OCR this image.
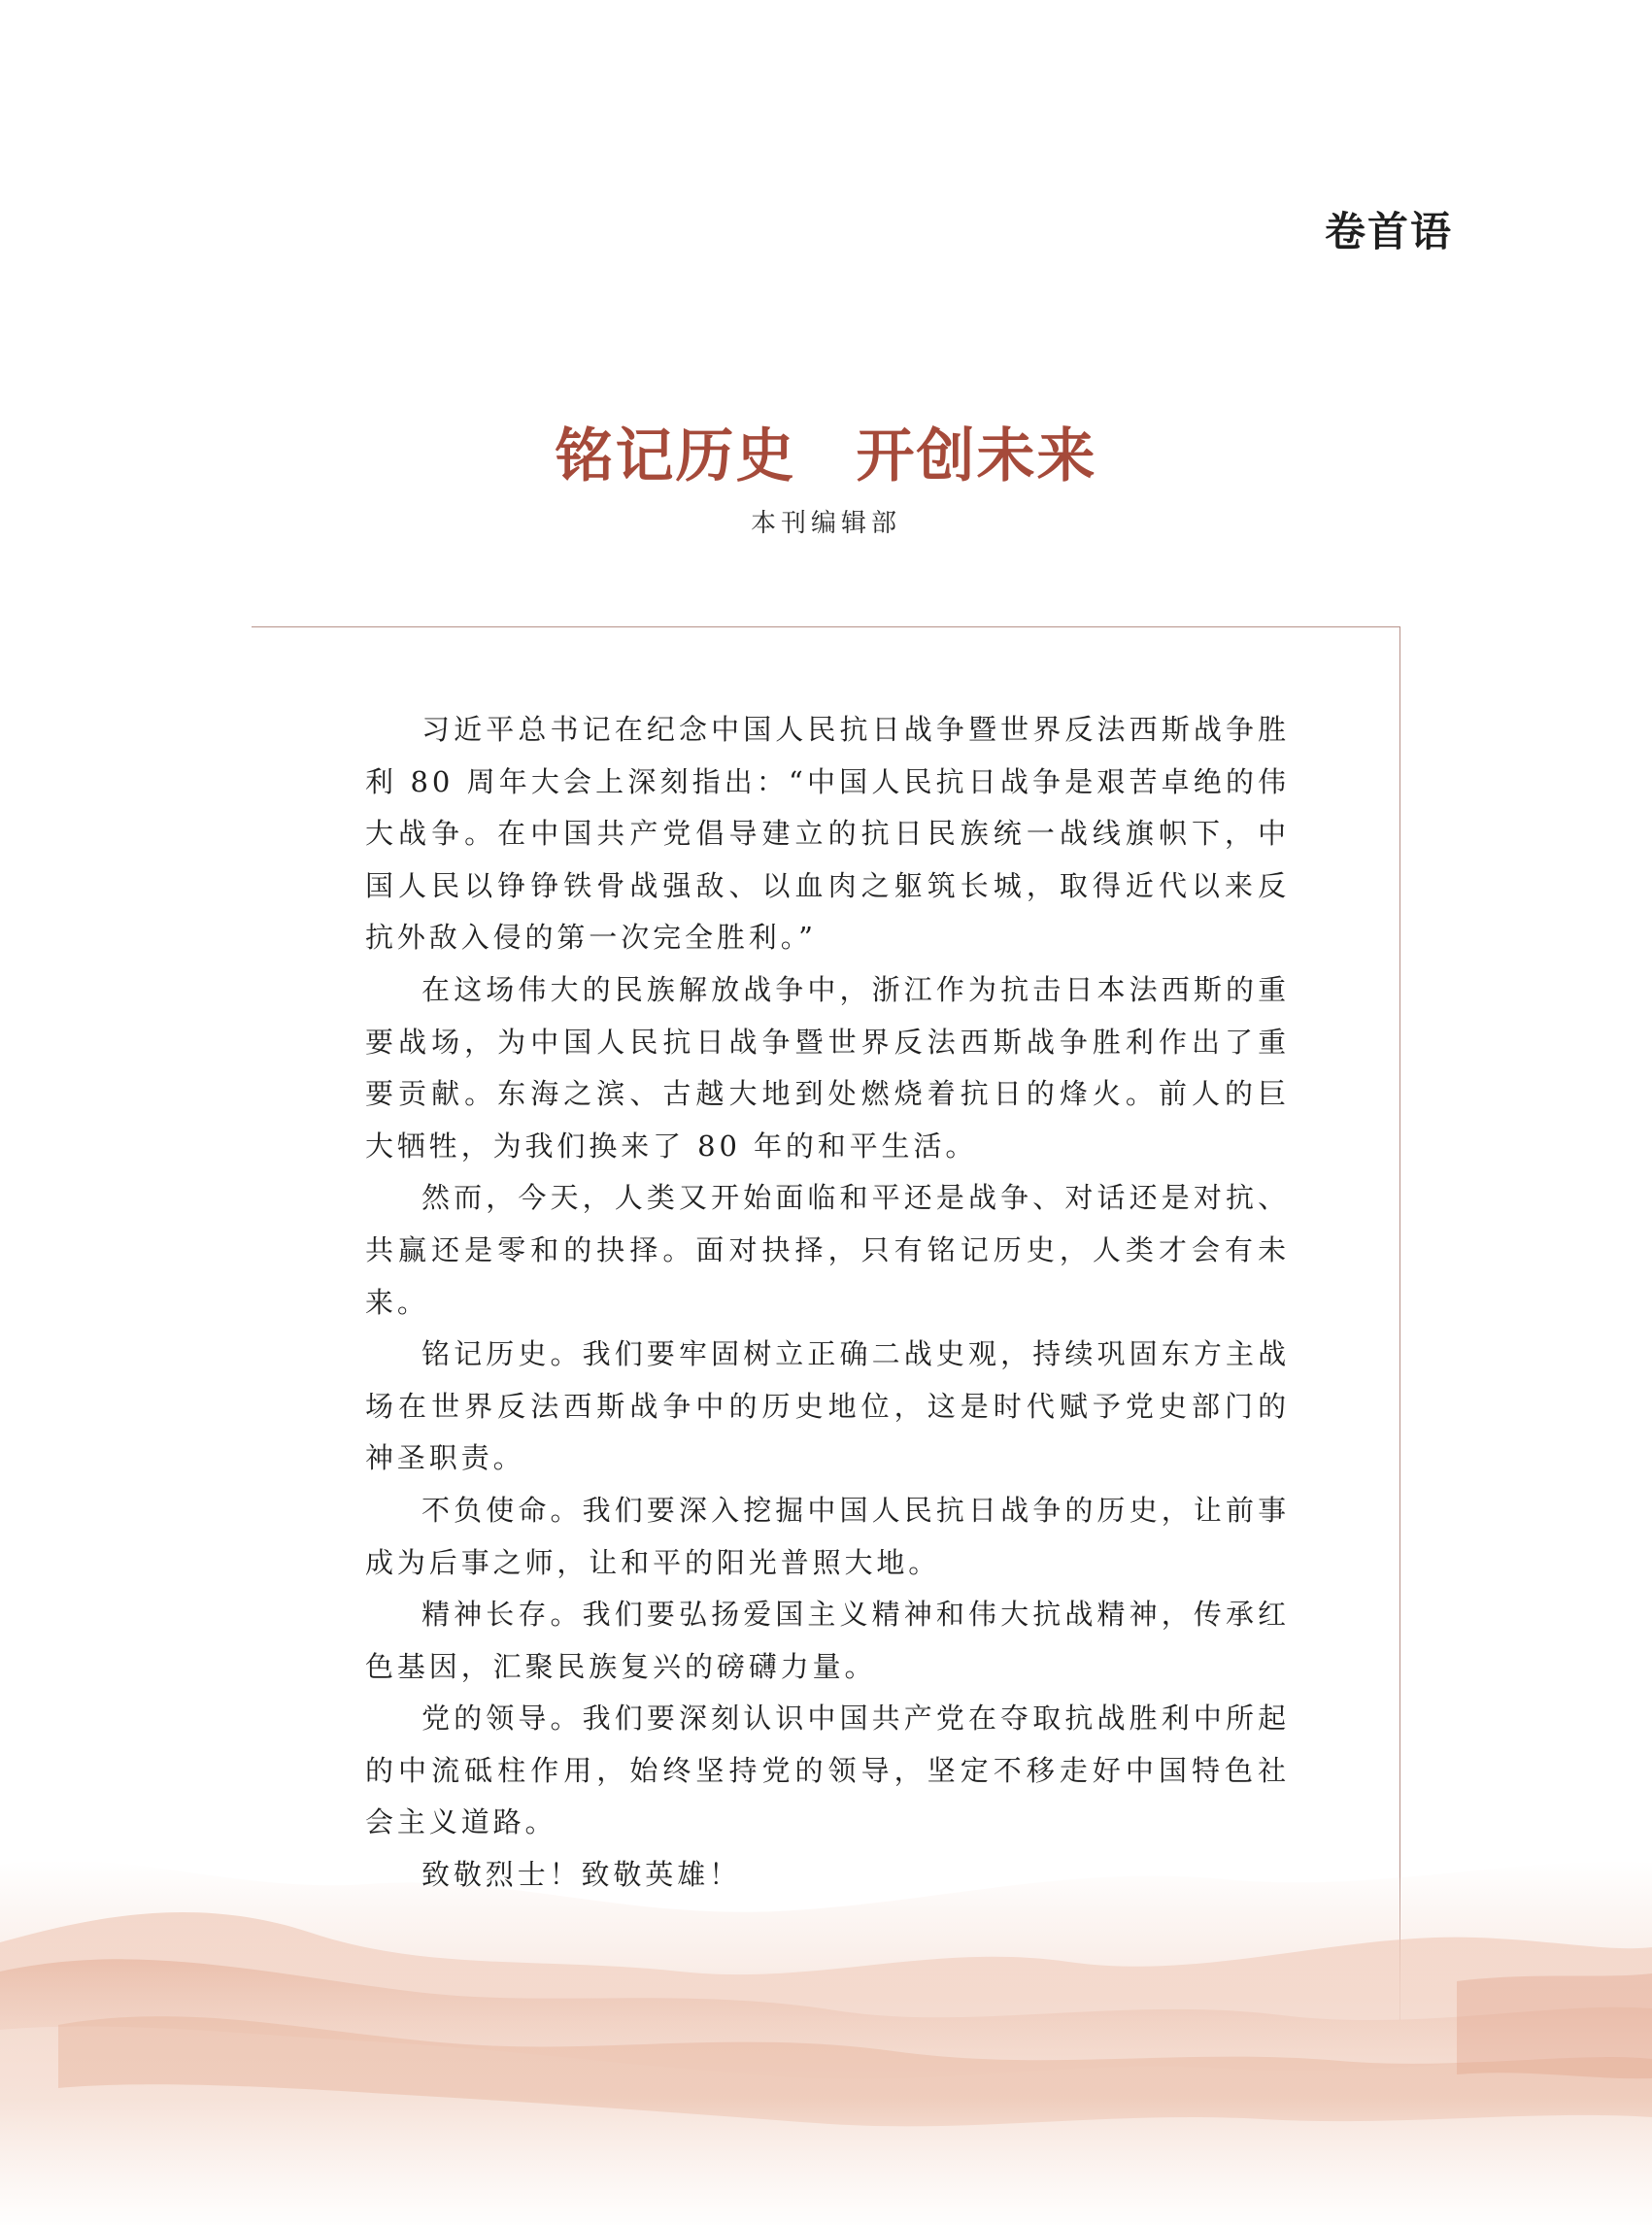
卷首语
铭记历史　开创未来
本刊编辑部

习近平总书记在纪念中国人民抗日战争暨世界反法西斯战争胜利 80 周年大会上深刻指出：“中国人民抗日战争是艰苦卓绝的伟大战争。在中国共产党倡导建立的抗日民族统一战线旗帜下，中国人民以铮铮铁骨战强敌、以血肉之躯筑长城，取得近代以来反抗外敌入侵的第一次完全胜利。”

在这场伟大的民族解放战争中，浙江作为抗击日本法西斯的重要战场，为中国人民抗日战争暨世界反法西斯战争胜利作出了重要贡献。东海之滨、古越大地到处燃烧着抗日的烽火。前人的巨大牺牲，为我们换来了 80 年的和平生活。

然而，今天，人类又开始面临和平还是战争、对话还是对抗、共赢还是零和的抉择。面对抉择，只有铭记历史，人类才会有未来。

铭记历史。我们要牢固树立正确二战史观，持续巩固东方主战场在世界反法西斯战争中的历史地位，这是时代赋予党史部门的神圣职责。

不负使命。我们要深入挖掘中国人民抗日战争的历史，让前事成为后事之师，让和平的阳光普照大地。

精神长存。我们要弘扬爱国主义精神和伟大抗战精神，传承红色基因，汇聚民族复兴的磅礴力量。

党的领导。我们要深刻认识中国共产党在夺取抗战胜利中所起的中流砥柱作用，始终坚持党的领导，坚定不移走好中国特色社会主义道路。

致敬烈士！致敬英雄！
